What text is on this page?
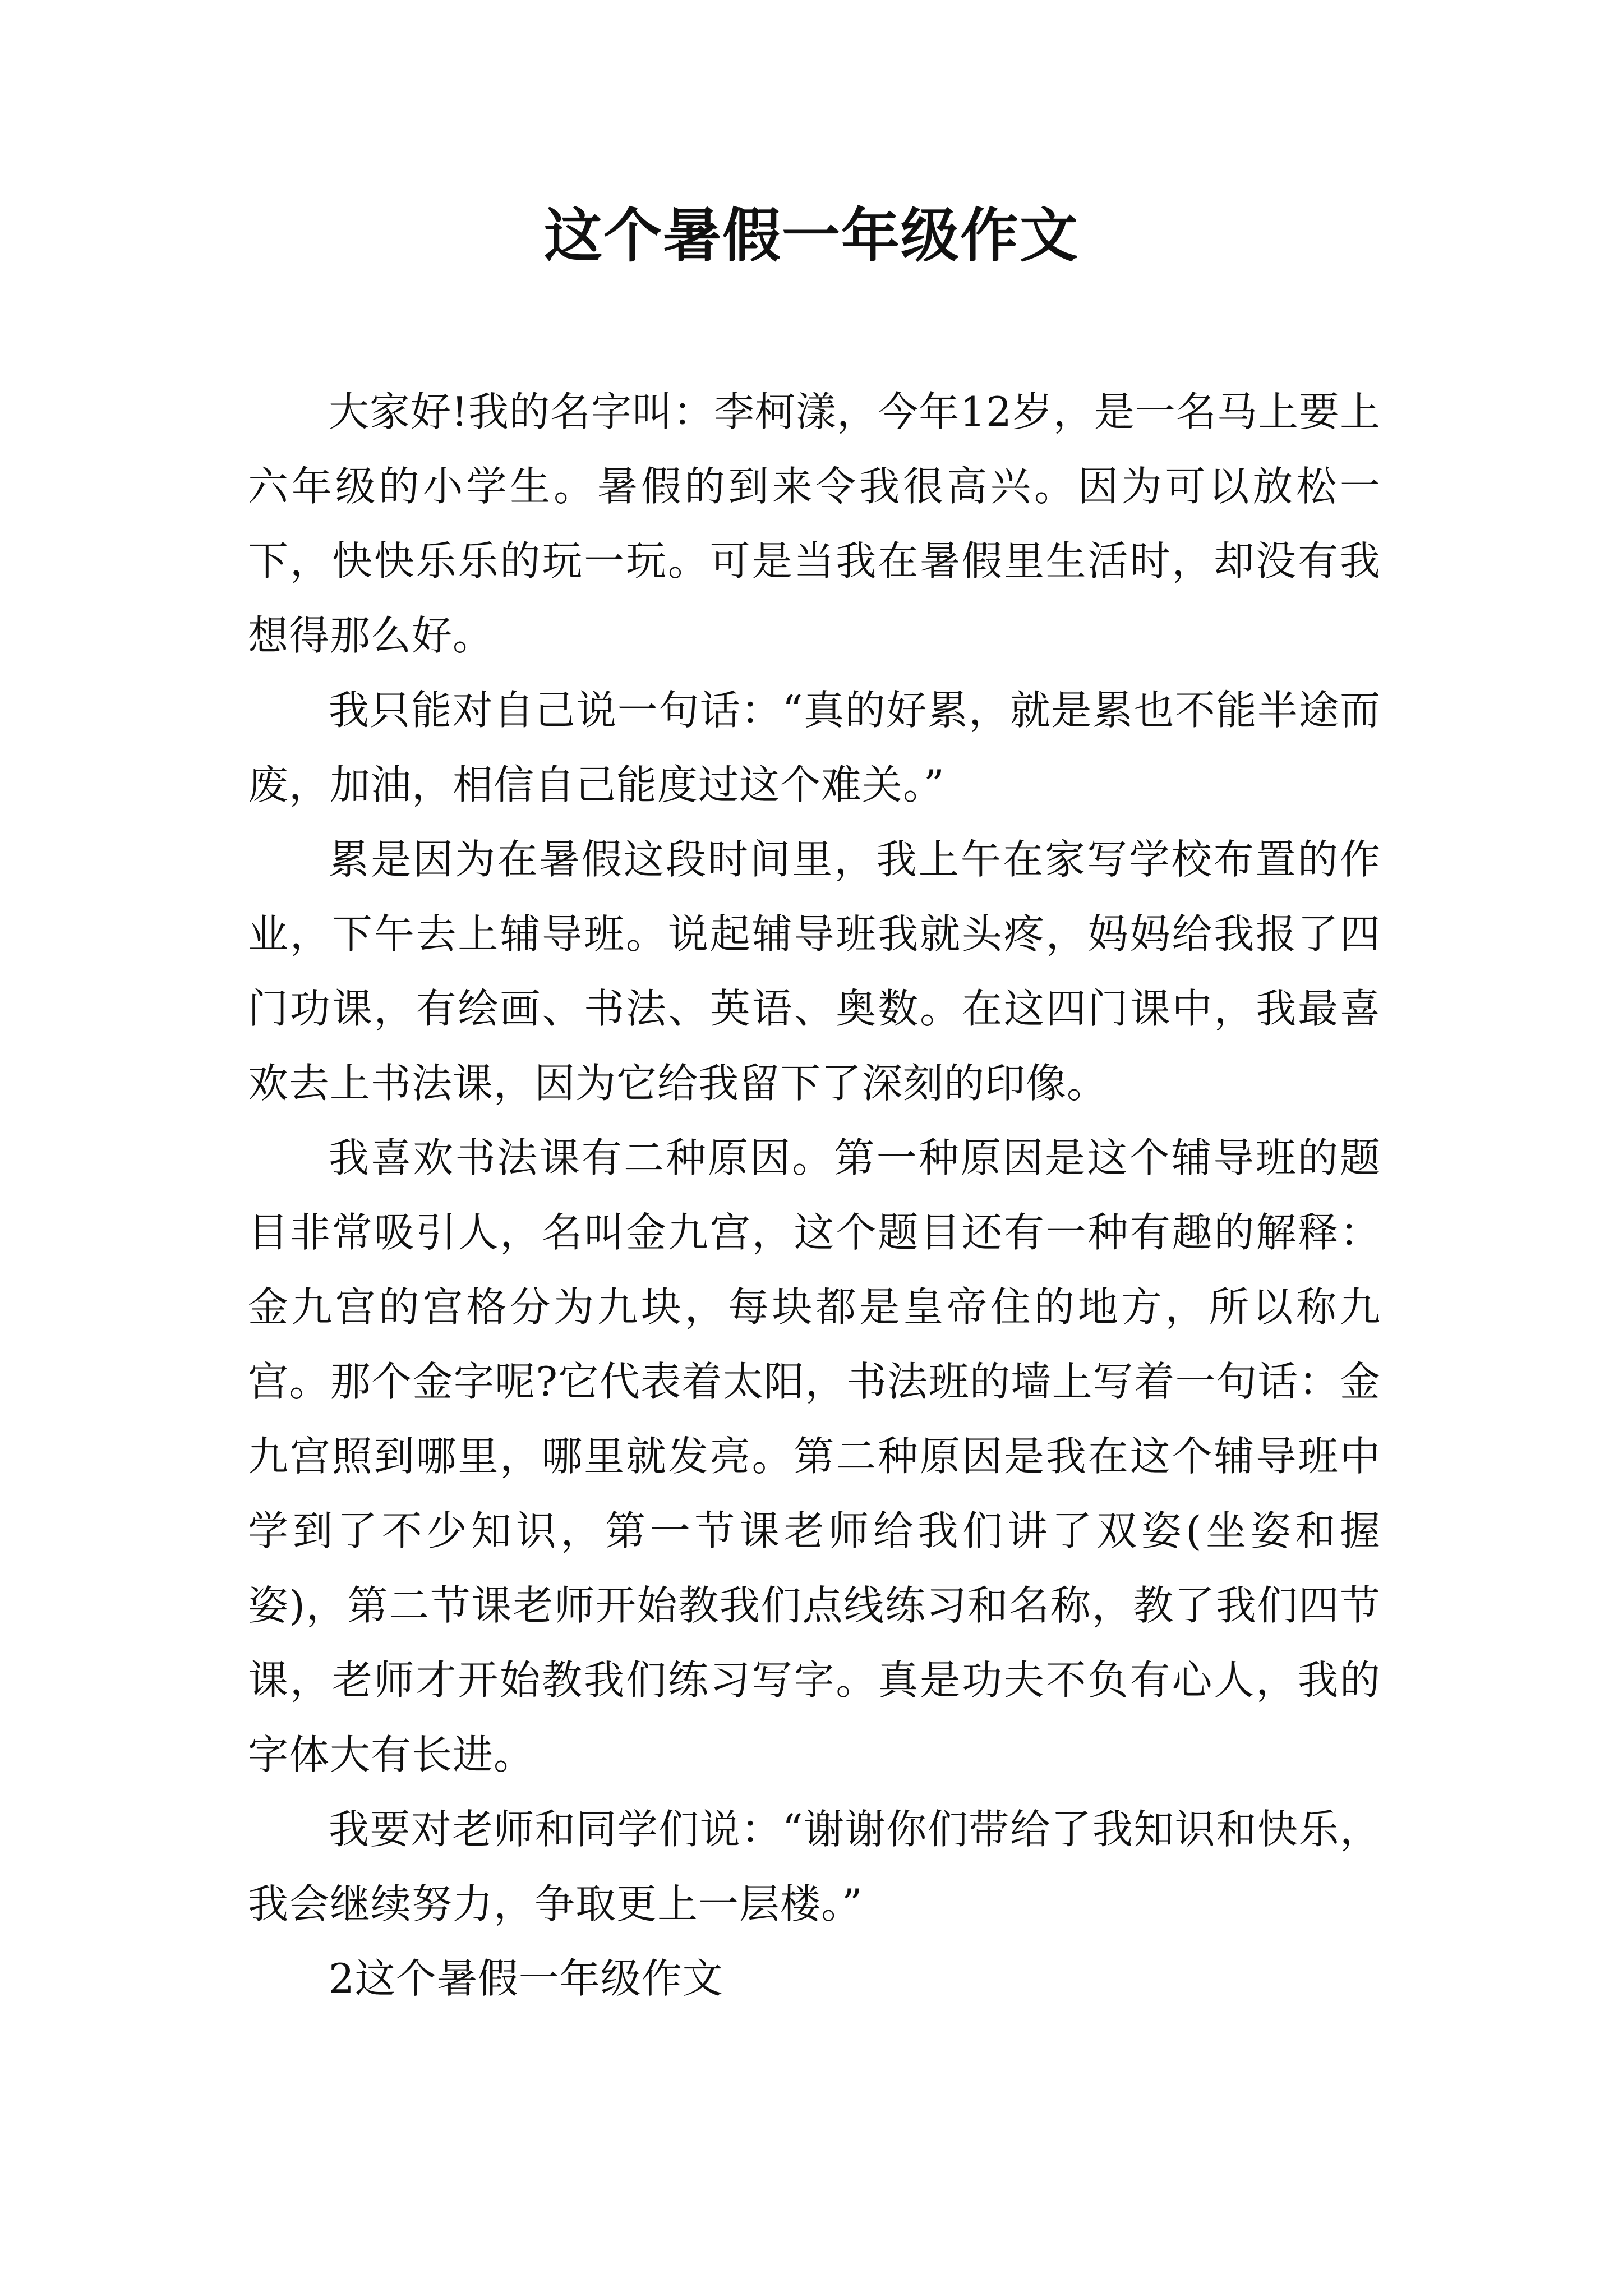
这个暑假一年级作文

大家好!我的名字叫：李柯漾，今年12岁，是一名马上要上六年级的小学生。暑假的到来令我很高兴。因为可以放松一下，快快乐乐的玩一玩。可是当我在暑假里生活时，却没有我想得那么好。

我只能对自己说一句话：“真的好累，就是累也不能半途而废，加油，相信自己能度过这个难关。”

累是因为在暑假这段时间里，我上午在家写学校布置的作业，下午去上辅导班。说起辅导班我就头疼，妈妈给我报了四门功课，有绘画、书法、英语、奥数。在这四门课中，我最喜欢去上书法课，因为它给我留下了深刻的印像。

我喜欢书法课有二种原因。第一种原因是这个辅导班的题目非常吸引人，名叫金九宫，这个题目还有一种有趣的解释：金九宫的宫格分为九块，每块都是皇帝住的地方，所以称九宫。那个金字呢?它代表着太阳，书法班的墙上写着一句话：金九宫照到哪里，哪里就发亮。第二种原因是我在这个辅导班中学到了不少知识，第一节课老师给我们讲了双姿(坐姿和握姿)，第二节课老师开始教我们点线练习和名称，教了我们四节课，老师才开始教我们练习写字。真是功夫不负有心人，我的字体大有长进。

我要对老师和同学们说：“谢谢你们带给了我知识和快乐，我会继续努力，争取更上一层楼。”

2这个暑假一年级作文
